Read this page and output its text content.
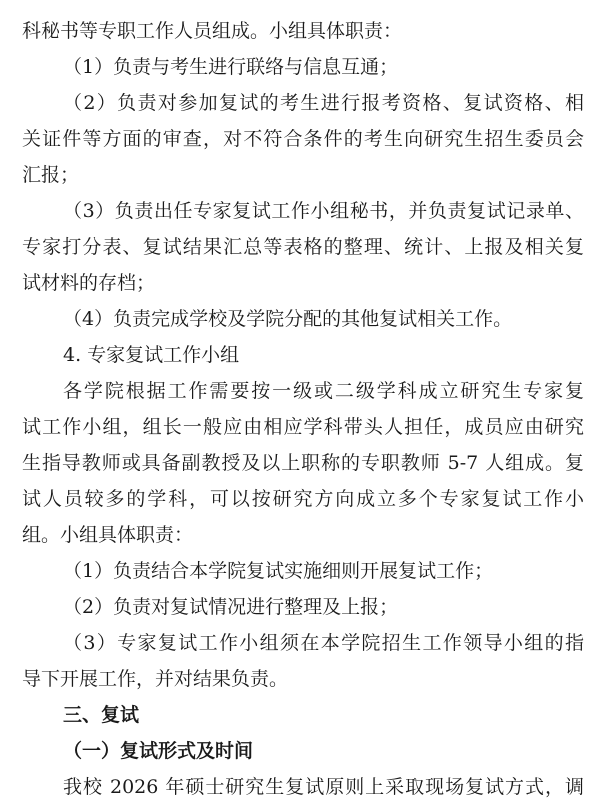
科秘书等专职工作人员组成。小组具体职责：
（1）负责与考生进行联络与信息互通；
（2）负责对参加复试的考生进行报考资格、复试资格、相
关证件等方面的审查，对不符合条件的考生向研究生招生委员会
汇报；
（3）负责出任专家复试工作小组秘书，并负责复试记录单、
专家打分表、复试结果汇总等表格的整理、统计、上报及相关复
试材料的存档；
（4）负责完成学校及学院分配的其他复试相关工作。
4. 专家复试工作小组
各学院根据工作需要按一级或二级学科成立研究生专家复
试工作小组，组长一般应由相应学科带头人担任，成员应由研究
生指导教师或具备副教授及以上职称的专职教师 5-7 人组成。复
试人员较多的学科，可以按研究方向成立多个专家复试工作小
组。小组具体职责：
（1）负责结合本学院复试实施细则开展复试工作；
（2）负责对复试情况进行整理及上报；
（3）专家复试工作小组须在本学院招生工作领导小组的指
导下开展工作，并对结果负责。
三、复试
（一）复试形式及时间
我校 2026 年硕士研究生复试原则上采取现场复试方式，调
